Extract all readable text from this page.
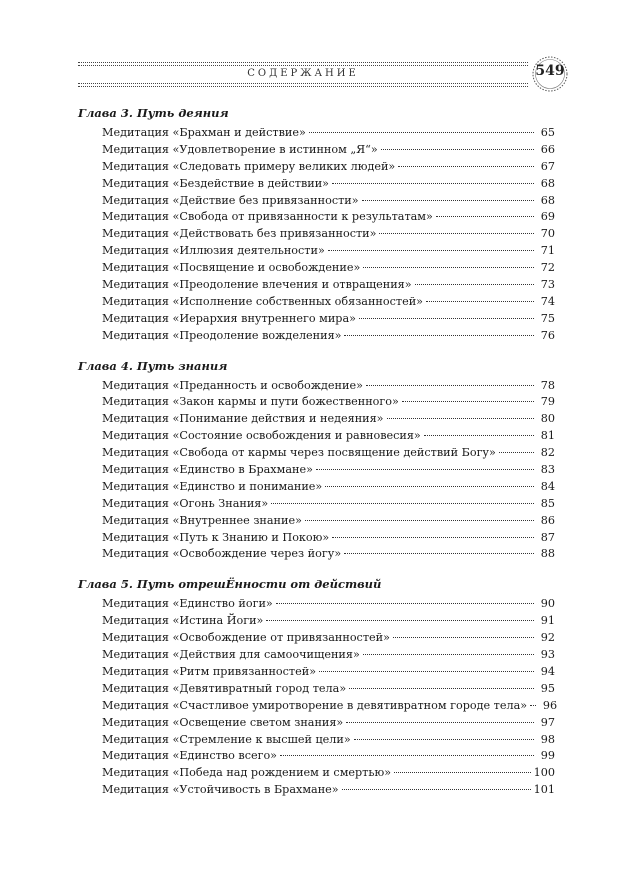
СОДЕРЖАНИЕ	549
Глава 3. Путь деяния
Медитация «Брахман и действие»	65
Медитация «Удовлетворение в истинном „Я“»	66
Медитация «Следовать примеру великих людей»	67
Медитация «Бездействие в действии»	68
Медитация «Действие без привязанности»	68
Медитация «Свобода от привязанности к результатам»	69
Медитация «Действовать без привязанности»	70
Медитация «Иллюзия деятельности»	71
Медитация «Посвящение и освобождение»	72
Медитация «Преодоление влечения и отвращения»	73
Медитация «Исполнение собственных обязанностей»	74
Медитация «Иерархия внутреннего мира»	75
Медитация «Преодоление вожделения»	76
Глава 4. Путь знания
Медитация «Преданность и освобождение»	78
Медитация «Закон кармы и пути божественного»	79
Медитация «Понимание действия и недеяния»	80
Медитация «Состояние освобождения и равновесия»	81
Медитация «Свобода от кармы через посвящение действий Богу»	82
Медитация «Единство в Брахмане»	83
Медитация «Единство и понимание»	84
Медитация «Огонь Знания»	85
Медитация «Внутреннее знание»	86
Медитация «Путь к Знанию и Покою»	87
Медитация «Освобождение через йогу»	88
Глава 5. Путь отрешЁнности от действий
Медитация «Единство йоги»	90
Медитация «Истина Йоги»	91
Медитация «Освобождение от привязанностей»	92
Медитация «Действия для самоочищения»	93
Медитация «Ритм привязанностей»	94
Медитация «Девятивратный город тела»	95
Медитация «Счастливое умиротворение в девятивратном городе тела»	96
Медитация «Освещение светом знания»	97
Медитация «Стремление к высшей цели»	98
Медитация «Единство всего»	99
Медитация «Победа над рождением и смертью»	100
Медитация «Устойчивость в Брахмане»	101
